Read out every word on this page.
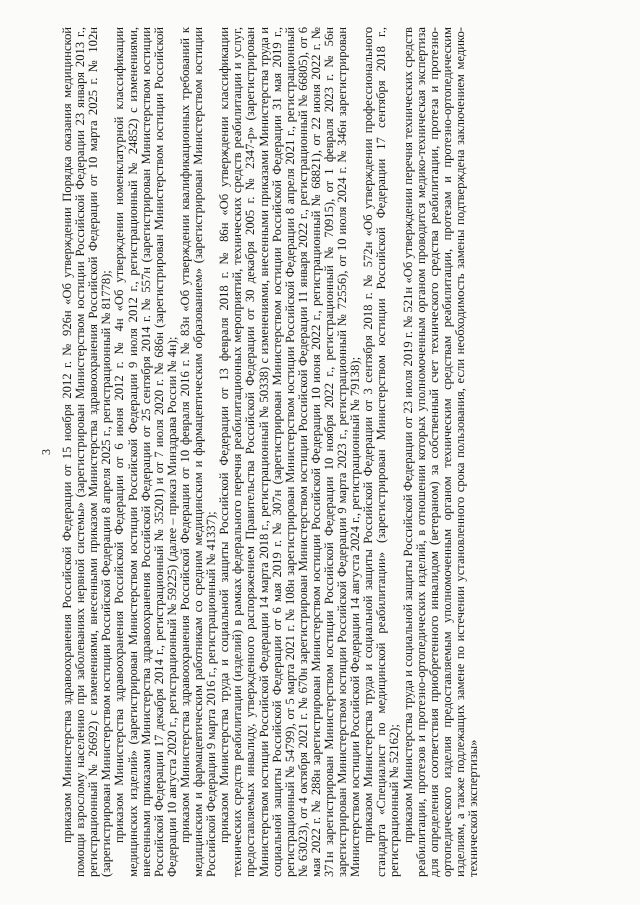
3 приказом Министерства здравоохранения Российской Федерации от 15 ноября 2012 г. № 926н «Об утверждении Порядка оказания медицинской помощи взрослому населению при заболеваниях нервной системы» (зарегистрирован Министерством юстиции Российской Федерации 23 января 2013 г., регистрационный № 26692) с изменениями, внесенными приказом Министерства здравоохранения Российской Федерации от 10 марта 2025 г. № 102н (зарегистрирован Министерством юстиции Российской Федерации 8 апреля 2025 г., регистрационный № 81778); приказом Министерства здравоохранения Российской Федерации от 6 июня 2012 г. № 4н «Об утверждении номенклатурной классификации медицинских изделий» (зарегистрирован Министерством юстиции Российской Федерации 9 июля 2012 г., регистрационный № 24852) с изменениями, внесенными приказами Министерства здравоохранения Российской Федерации от 25 сентября 2014 г. № 557н (зарегистрирован Министерством юстиции Российской Федерации 17 декабря 2014 г., регистрационный № 35201) и от 7 июля 2020 г. № 686н (зарегистрирован Министерством юстиции Российской Федерации 10 августа 2020 г., регистрационный № 59225) (далее – приказ Минздрава России № 4н); приказом Министерства здравоохранения Российской Федерации от 10 февраля 2016 г. № 83н «Об утверждении квалификационных требований к медицинским и фармацевтическим работникам со средним медицинским и фармацевтическим образованием» (зарегистрирован Министерством юстиции Российской Федерации 9 марта 2016 г., регистрационный № 41337); приказом Министерства труда и социальной защиты Российской Федерации от 13 февраля 2018 г. № 86н «Об утверждении классификации технических средств реабилитации (изделий) в рамках федерального перечня реабилитационных мероприятий, технических средств реабилитации и услуг, предоставляемых инвалиду, утвержденного распоряжением Правительства Российской Федерации от 30 декабря 2005 г. № 2347-р» (зарегистрирован Министерством юстиции Российской Федерации 14 марта 2018 г., регистрационный № 50338) с изменениями, внесенными приказами Министерства труда и социальной защиты Российской Федерации от 6 мая 2019 г. № 307н (зарегистрирован Министерством юстиции Российской Федерации 31 мая 2019 г., регистрационный № 54799), от 5 марта 2021 г. № 108н зарегистрирован Министерством юстиции Российской Федерации 8 апреля 2021 г., регистрационный № 63023), от 4 октября 2021 г. № 670н зарегистрирован Министерством юстиции Российской Федерации 11 января 2022 г., регистрационный № 66805), от 6 мая 2022 г. № 288н зарегистрирован Министерством юстиции Российской Федерации 10 июня 2022 г., регистрационный № 68821), от 22 июня 2022 г. № 371н зарегистрирован Министерством юстиции Российской Федерации 10 ноября 2022 г., регистрационный № 70915), от 1 февраля 2023 г. № 56н зарегистрирован Министерством юстиции Российской Федерации 9 марта 2023 г., регистрационный № 72556), от 10 июля 2024 г. № 346н зарегистрирован Министерством юстиции Российской Федерации 14 августа 2024 г., регистрационный № 79138); приказом Министерства труда и социальной защиты Российской Федерации от 3 сентября 2018 г. № 572н «Об утверждении профессионального стандарта «Специалист по медицинской реабилитации» (зарегистрирован Министерством юстиции Российской Федерации 17 сентября 2018 г., регистрационный № 52162); приказом Министерства труда и социальной защиты Российской Федерации от 23 июля 2019 г. № 521н «Об утверждении перечня технических средств реабилитации, протезов и протезно-ортопедических изделий, в отношении которых уполномоченным органом проводится медико-техническая экспертиза для определения соответствия приобретенного инвалидом (ветераном) за собственный счет технического средства реабилитации, протеза и протезно-ортопедического изделия предоставляемым уполномоченным органом техническим средствам реабилитации, протезам и протезно-ортопедическим изделиям, а также подлежащих замене по истечении установленного срока пользования, если необходимость замены подтверждена заключением медико-технической экспертизы»
